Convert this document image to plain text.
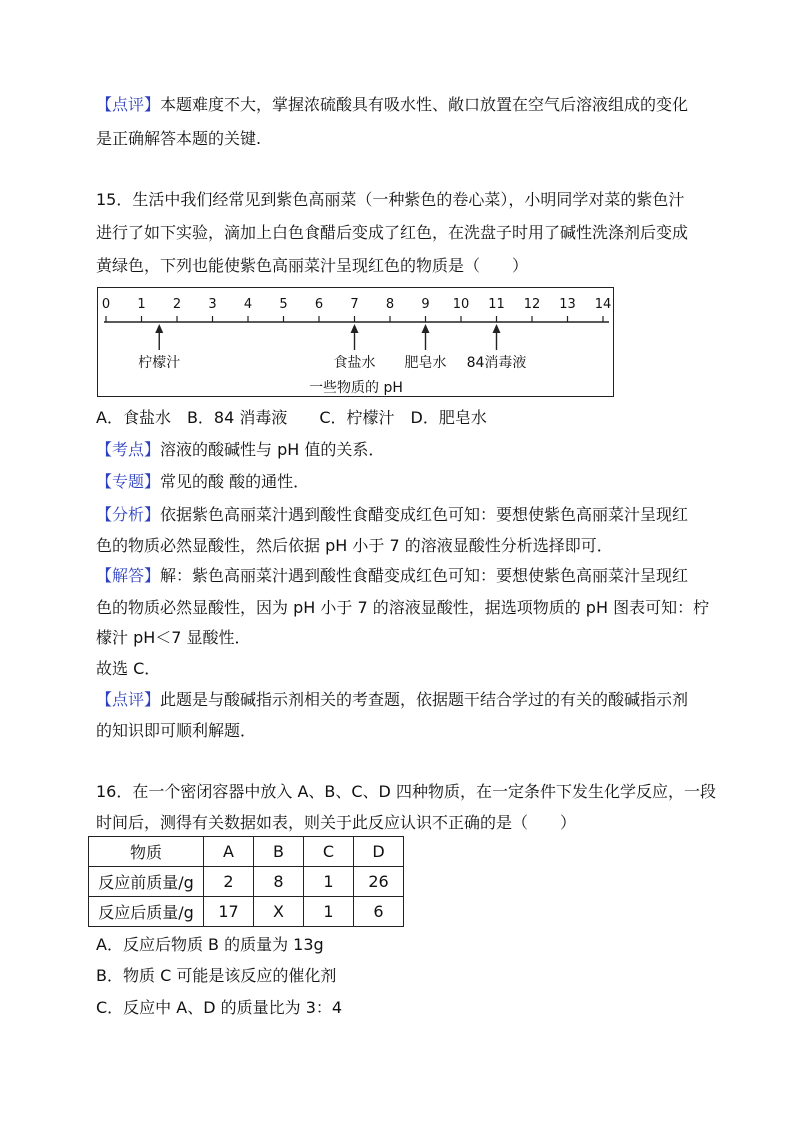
【点评】本题难度不大，掌握浓硫酸具有吸水性、敞口放置在空气后溶液组成的变化
是正确解答本题的关键.
15．生活中我们经常见到紫色高丽菜（一种紫色的卷心菜），小明同学对菜的紫色汁
进行了如下实验，滴加上白色食醋后变成了红色，在洗盘子时用了碱性洗涤剂后变成
黄绿色，下列也能使紫色高丽菜汁呈现红色的物质是（　　）
一些物质的 pH
0 1 2 3 4 5 6 7 8 9 10 11 12 13 14
柠檬汁	食盐水 肥皂水 84消毒液
A．食盐水　B．84 消毒液　　C．柠檬汁　D．肥皂水
【考点】溶液的酸碱性与 pH 值的关系．
【专题】常见的酸 酸的通性．
【分析】依据紫色高丽菜汁遇到酸性食醋变成红色可知：要想使紫色高丽菜汁呈现红
色的物质必然显酸性，然后依据 pH 小于 7 的溶液显酸性分析选择即可．
【解答】解：紫色高丽菜汁遇到酸性食醋变成红色可知：要想使紫色高丽菜汁呈现红
色的物质必然显酸性，因为 pH 小于 7 的溶液显酸性，据选项物质的 pH 图表可知：柠
檬汁 pH＜7 显酸性．
故选 C．
【点评】此题是与酸碱指示剂相关的考查题，依据题干结合学过的有关的酸碱指示剂
的知识即可顺利解题．
16．在一个密闭容器中放入 A、B、C、D 四种物质，在一定条件下发生化学反应，一段
时间后，测得有关数据如表，则关于此反应认识不正确的是（　　）
物质	A	B	C	D
反应前质量/g	2	8	1	26
反应后质量/g	17	X	1	6
A．反应后物质 B 的质量为 13g
B．物质 C 可能是该反应的催化剂
C．反应中 A、D 的质量比为 3：4
